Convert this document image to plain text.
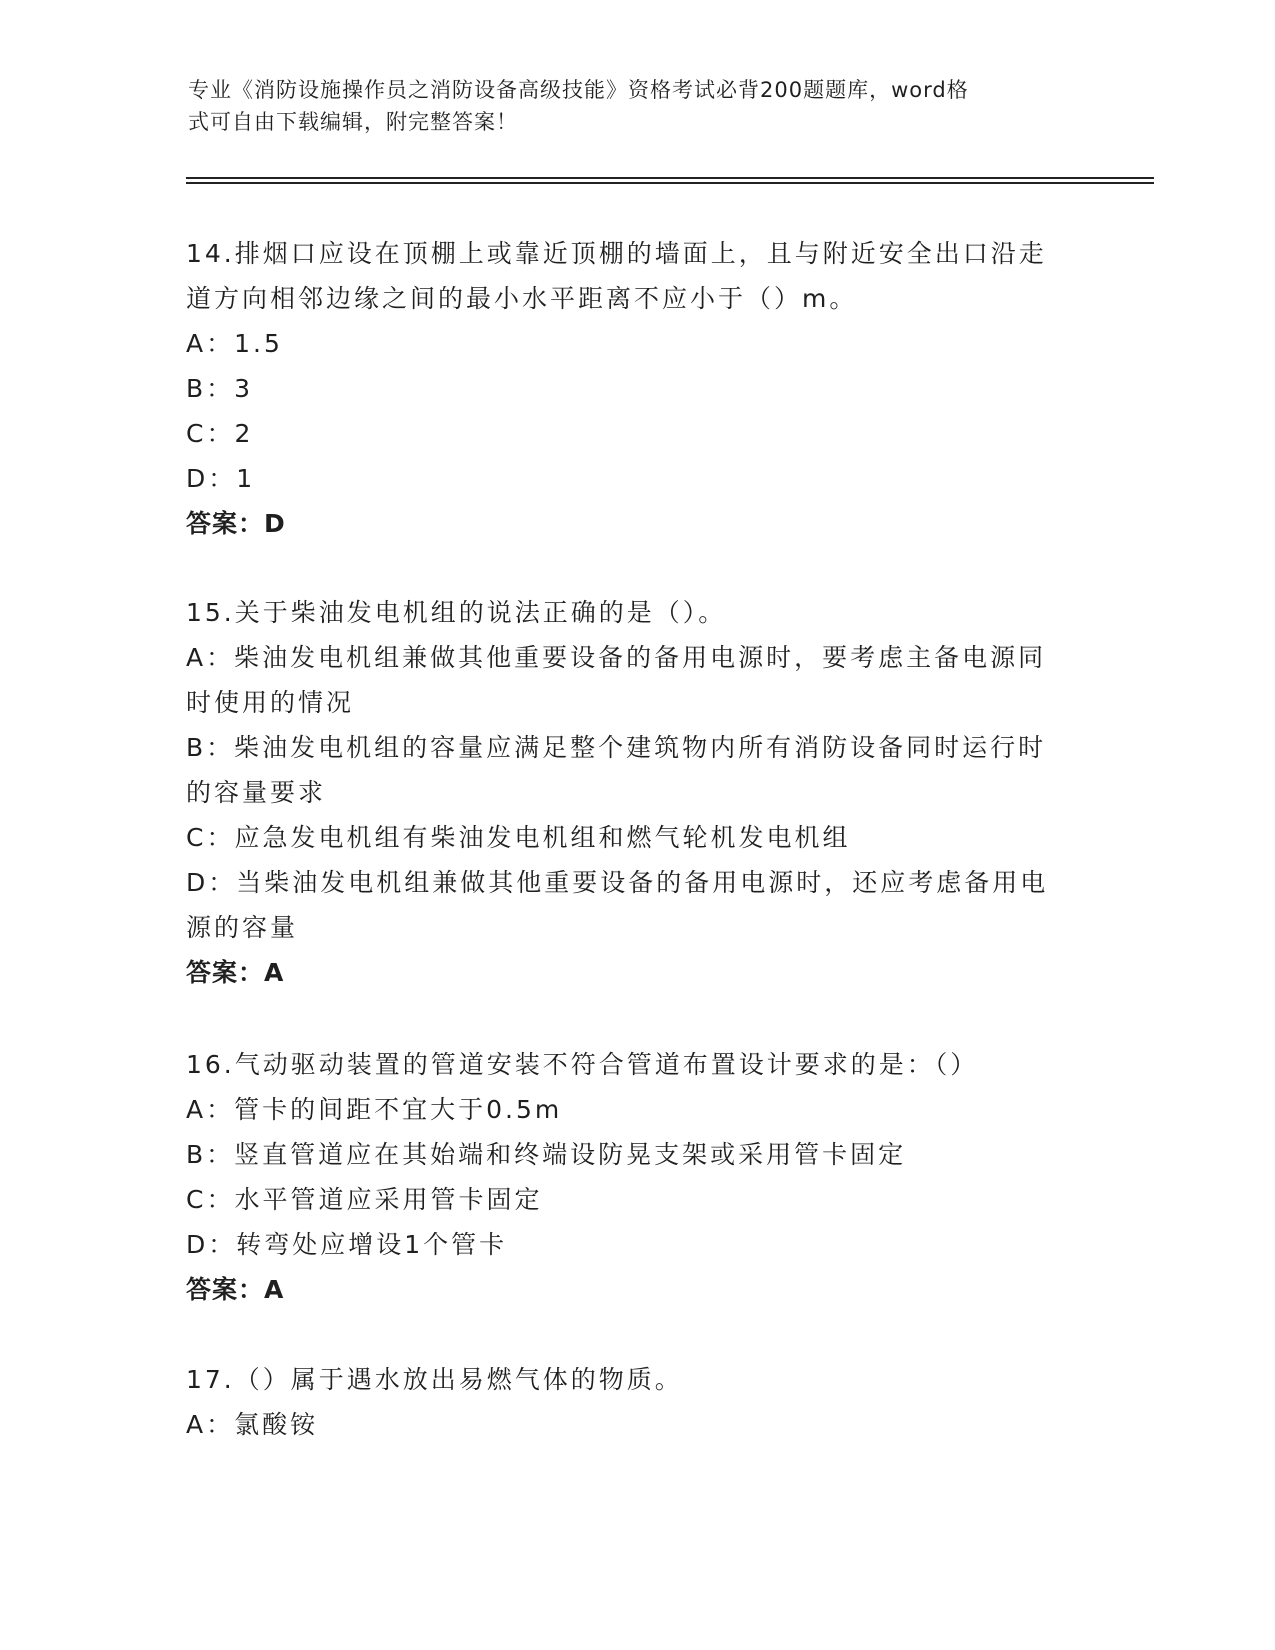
专业《消防设施操作员之消防设备高级技能》资格考试必背200题题库，word格
式可自由下载编辑，附完整答案！

14.排烟口应设在顶棚上或靠近顶棚的墙面上，且与附近安全出口沿走

道方向相邻边缘之间的最小水平距离不应小于（）m。

A：1.5

B：3

C：2

D：1

答案：D

15.关于柴油发电机组的说法正确的是（）。

A：柴油发电机组兼做其他重要设备的备用电源时，要考虑主备电源同

时使用的情况

B：柴油发电机组的容量应满足整个建筑物内所有消防设备同时运行时

的容量要求

C：应急发电机组有柴油发电机组和燃气轮机发电机组

D：当柴油发电机组兼做其他重要设备的备用电源时，还应考虑备用电

源的容量

答案：A

16.气动驱动装置的管道安装不符合管道布置设计要求的是：（）

A：管卡的间距不宜大于0.5m

B：竖直管道应在其始端和终端设防晃支架或采用管卡固定

C：水平管道应采用管卡固定

D：转弯处应增设1个管卡

答案：A

17.（）属于遇水放出易燃气体的物质。

A：氯酸铵
